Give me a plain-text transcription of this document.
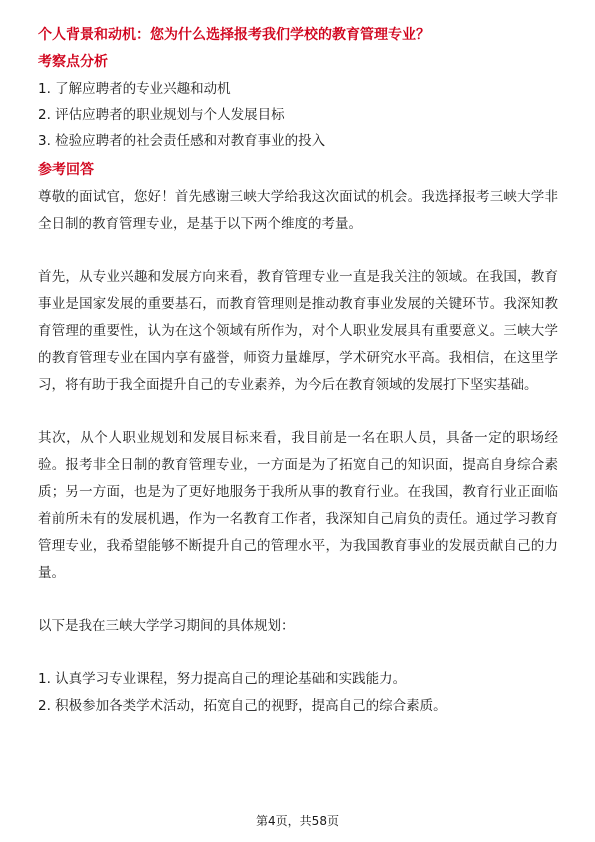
个人背景和动机：您为什么选择报考我们学校的教育管理专业？
考察点分析
1. 了解应聘者的专业兴趣和动机
2. 评估应聘者的职业规划与个人发展目标
3. 检验应聘者的社会责任感和对教育事业的投入
参考回答

尊敬的面试官，您好！首先感谢三峡大学给我这次面试的机会。我选择报考三峡大学非全日制的教育管理专业，是基于以下两个维度的考量。

首先，从专业兴趣和发展方向来看，教育管理专业一直是我关注的领域。在我国，教育事业是国家发展的重要基石，而教育管理则是推动教育事业发展的关键环节。我深知教育管理的重要性，认为在这个领域有所作为，对个人职业发展具有重要意义。三峡大学的教育管理专业在国内享有盛誉，师资力量雄厚，学术研究水平高。我相信，在这里学习，将有助于我全面提升自己的专业素养，为今后在教育领域的发展打下坚实基础。

其次，从个人职业规划和发展目标来看，我目前是一名在职人员，具备一定的职场经验。报考非全日制的教育管理专业，一方面是为了拓宽自己的知识面，提高自身综合素质；另一方面，也是为了更好地服务于我所从事的教育行业。在我国，教育行业正面临着前所未有的发展机遇，作为一名教育工作者，我深知自己肩负的责任。通过学习教育管理专业，我希望能够不断提升自己的管理水平，为我国教育事业的发展贡献自己的力量。

以下是我在三峡大学学习期间的具体规划：

1. 认真学习专业课程，努力提高自己的理论基础和实践能力。

2. 积极参加各类学术活动，拓宽自己的视野，提高自己的综合素质。

第4页，共58页
